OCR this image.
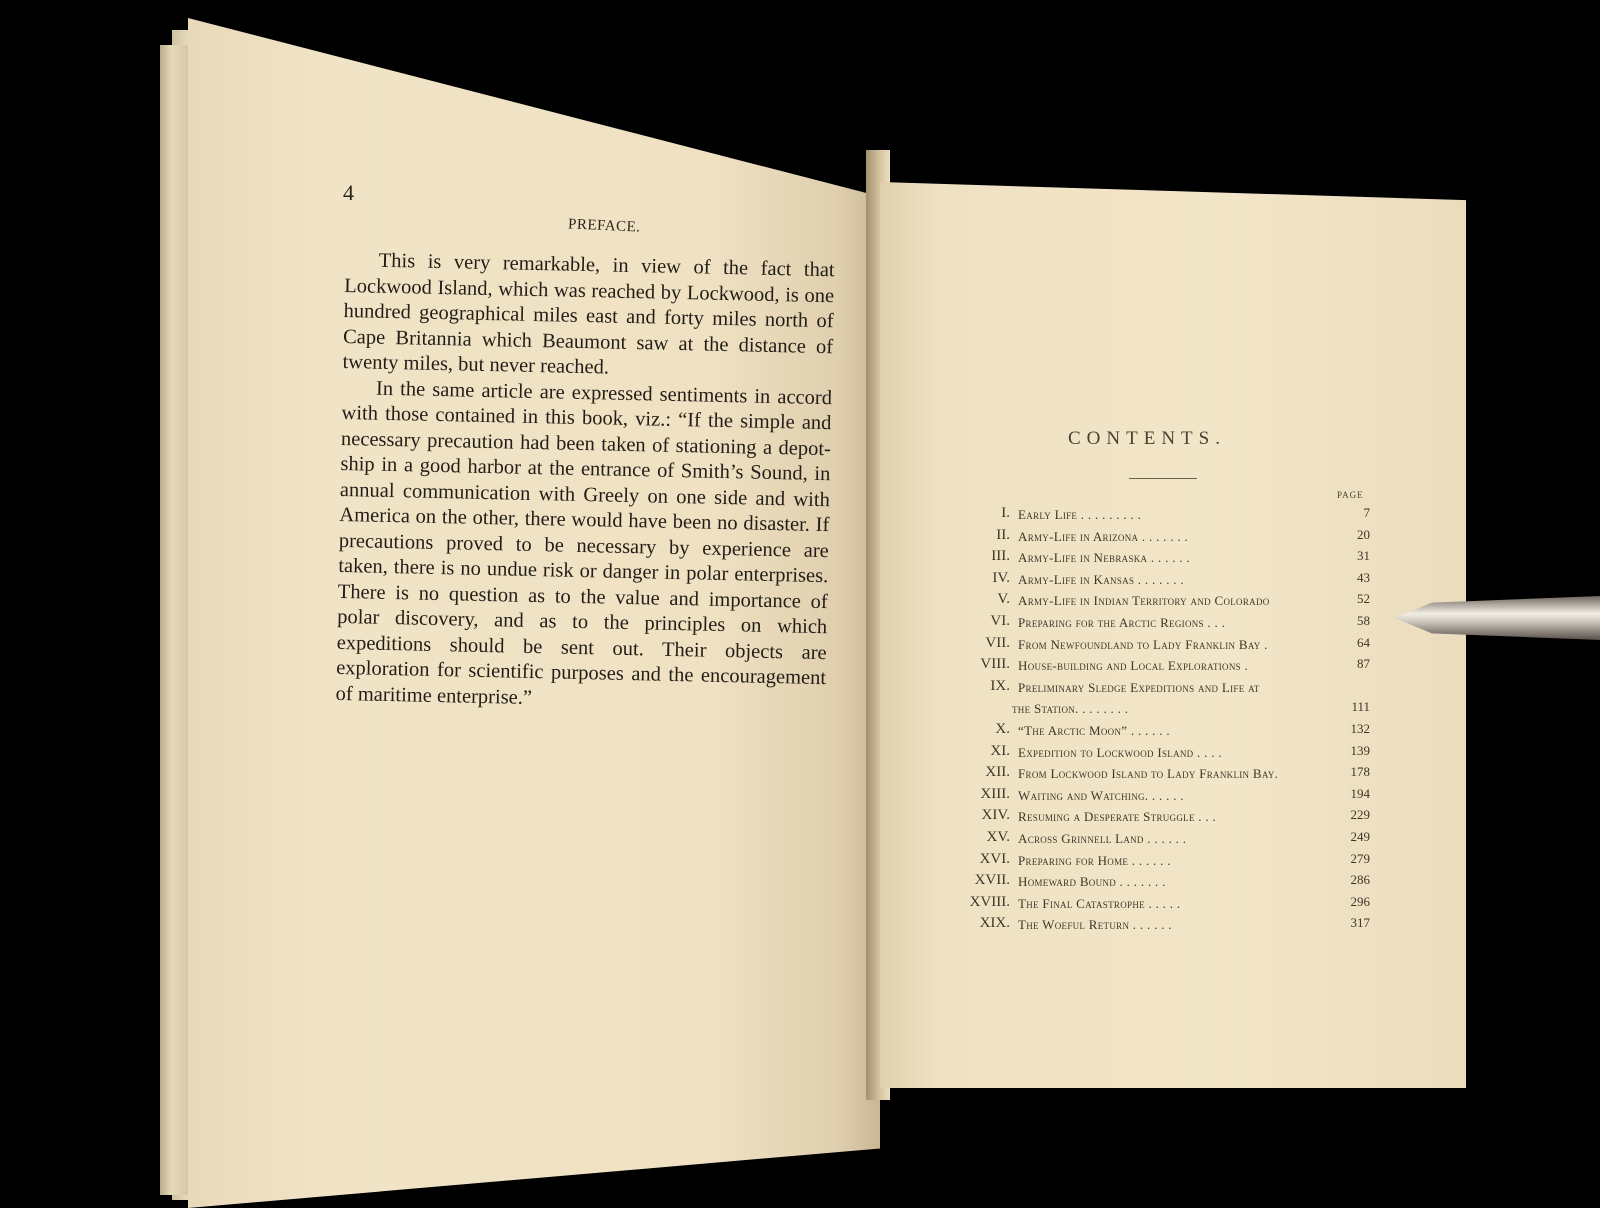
4
PREFACE.

This is very remarkable, in view of the fact that Lockwood Island, which was reached by Lockwood, is one hundred geographical miles east and forty miles north of Cape Britannia which Beaumont saw at the distance of twenty miles, but never reached.

In the same article are expressed sentiments in accord with those contained in this book, viz.: “If the simple and necessary precaution had been taken of stationing a depot-ship in a good harbor at the entrance of Smith’s Sound, in annual communication with Greely on one side and with America on the other, there would have been no disaster. If precautions proved to be necessary by experience are taken, there is no undue risk or danger in polar enterprises. There is no question as to the value and importance of polar discovery, and as to the principles on which expeditions should be sent out. Their objects are exploration for scientific purposes and the encouragement of maritime enterprise.”

CONTENTS.
PAGE
I. Early Life . . . . . . . . .	7
II. Army-Life in Arizona . . . . . . .	20
III. Army-Life in Nebraska . . . . . .	31
IV. Army-Life in Kansas . . . . . . .	43
V. Army-Life in Indian Territory and Colorado	52
VI. Preparing for the Arctic Regions . . .	58
VII. From Newfoundland to Lady Franklin Bay .	64
VIII. House-building and Local Explorations .	87
IX. Preliminary Sledge Expeditions and Life at
the Station. . . . . . . .	111
X. “The Arctic Moon” . . . . . .	132
XI. Expedition to Lockwood Island . . . .	139
XII. From Lockwood Island to Lady Franklin Bay.	178
XIII. Waiting and Watching. . . . . .	194
XIV. Resuming a Desperate Struggle . . .	229
XV. Across Grinnell Land . . . . . .	249
XVI. Preparing for Home . . . . . .	279
XVII. Homeward Bound . . . . . . .	286
XVIII. The Final Catastrophe . . . . .	296
XIX. The Woeful Return . . . . . .	317
